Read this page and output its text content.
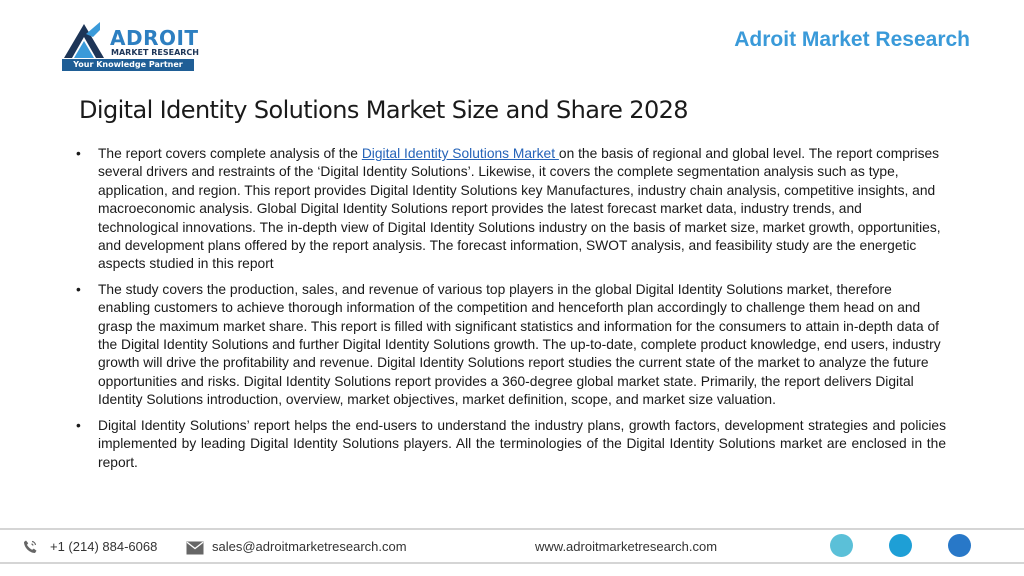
ADROIT
MARKET RESEARCH
Your Knowledge Partner
Adroit Market Research
Digital Identity Solutions Market Size and Share 2028

• The report covers complete analysis of the Digital Identity Solutions Market on the basis of regional and global level. The report comprises several drivers and restraints of the ‘Digital Identity Solutions’. Likewise, it covers the complete segmentation analysis such as type, application, and region. This report provides Digital Identity Solutions key Manufactures, industry chain analysis, competitive insights, and macroeconomic analysis. Global Digital Identity Solutions report provides the latest forecast market data, industry trends, and technological innovations. The in-depth view of Digital Identity Solutions industry on the basis of market size, market growth, opportunities, and development plans offered by the report analysis. The forecast information, SWOT analysis, and feasibility study are the energetic aspects studied in this report

• The study covers the production, sales, and revenue of various top players in the global Digital Identity Solutions market, therefore enabling customers to achieve thorough information of the competition and henceforth plan accordingly to challenge them head on and grasp the maximum market share. This report is filled with significant statistics and information for the consumers to attain in-depth data of the Digital Identity Solutions and further Digital Identity Solutions growth. The up-to-date, complete product knowledge, end users, industry growth will drive the profitability and revenue. Digital Identity Solutions report studies the current state of the market to analyze the future opportunities and risks. Digital Identity Solutions report provides a 360-degree global market state. Primarily, the report delivers Digital Identity Solutions introduction, overview, market objectives, market definition, scope, and market size valuation.

• Digital Identity Solutions’ report helps the end-users to understand the industry plans, growth factors, development strategies and policies implemented by leading Digital Identity Solutions players. All the terminologies of the Digital Identity Solutions market are enclosed in the report.

+1 (214) 884-6068	sales@adroitmarketresearch.com	www.adroitmarketresearch.com
